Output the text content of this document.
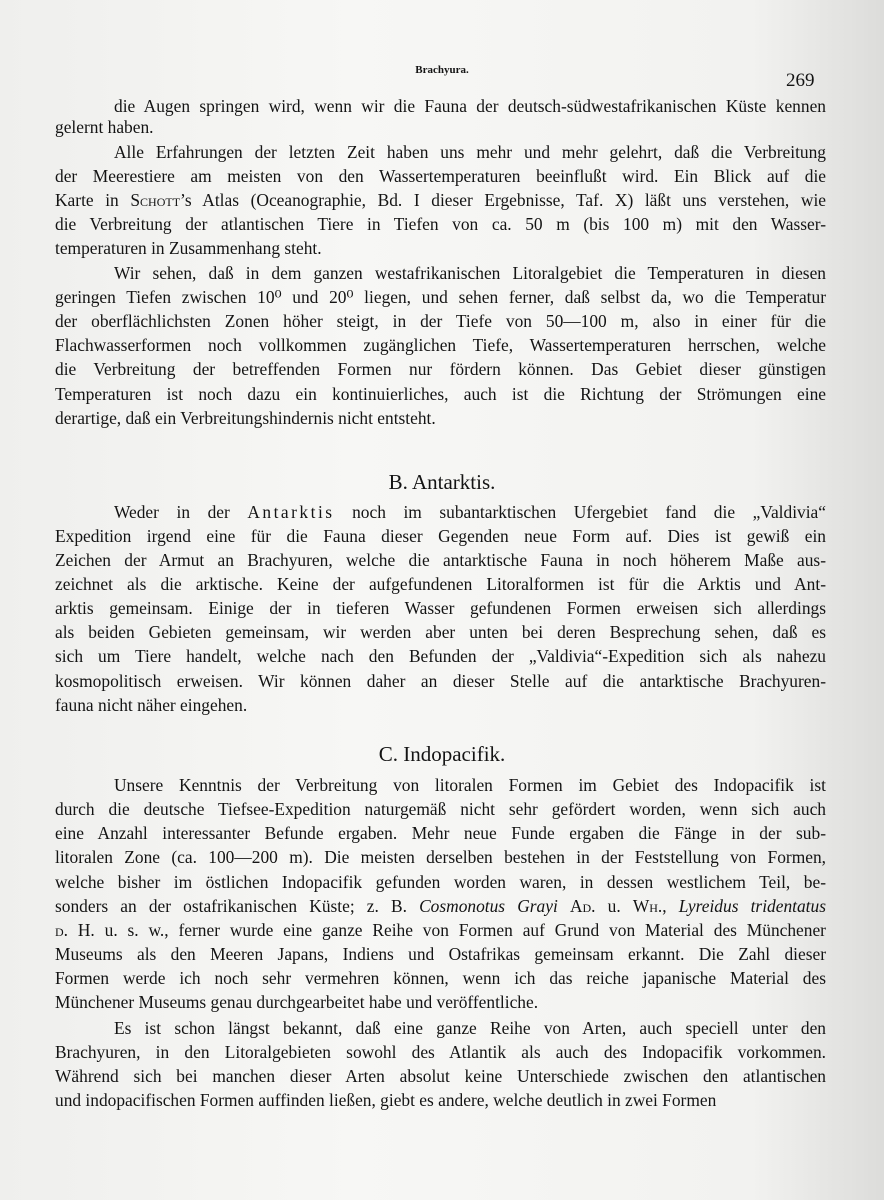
Brachyura.	269
die Augen springen wird, wenn wir die Fauna der deutsch-südwestafrikanischen Küste kennen
gelernt haben.
Alle Erfahrungen der letzten Zeit haben uns mehr und mehr gelehrt, daß die Verbreitung
der Meerestiere am meisten von den Wassertemperaturen beeinflußt wird. Ein Blick auf die
Karte in Schott’s Atlas (Oceanographie, Bd. I dieser Ergebnisse, Taf. X) läßt uns verstehen, wie
die Verbreitung der atlantischen Tiere in Tiefen von ca. 50 m (bis 100 m) mit den Wasser-
temperaturen in Zusammenhang steht.
Wir sehen, daß in dem ganzen westafrikanischen Litoralgebiet die Temperaturen in diesen
geringen Tiefen zwischen 10⁰ und 20⁰ liegen, und sehen ferner, daß selbst da, wo die Temperatur
der oberflächlichsten Zonen höher steigt, in der Tiefe von 50—100 m, also in einer für die
Flachwasserformen noch vollkommen zugänglichen Tiefe, Wassertemperaturen herrschen, welche
die Verbreitung der betreffenden Formen nur fördern können. Das Gebiet dieser günstigen
Temperaturen ist noch dazu ein kontinuierliches, auch ist die Richtung der Strömungen eine
derartige, daß ein Verbreitungshindernis nicht entsteht.
B. Antarktis.
Weder in der Antarktis noch im subantarktischen Ufergebiet fand die „Valdivia“
Expedition irgend eine für die Fauna dieser Gegenden neue Form auf. Dies ist gewiß ein
Zeichen der Armut an Brachyuren, welche die antarktische Fauna in noch höherem Maße aus-
zeichnet als die arktische. Keine der aufgefundenen Litoralformen ist für die Arktis und Ant-
arktis gemeinsam. Einige der in tieferen Wasser gefundenen Formen erweisen sich allerdings
als beiden Gebieten gemeinsam, wir werden aber unten bei deren Besprechung sehen, daß es
sich um Tiere handelt, welche nach den Befunden der „Valdivia“-Expedition sich als nahezu
kosmopolitisch erweisen. Wir können daher an dieser Stelle auf die antarktische Brachyuren-
fauna nicht näher eingehen.
C. Indopacifik.
Unsere Kenntnis der Verbreitung von litoralen Formen im Gebiet des Indopacifik ist
durch die deutsche Tiefsee-Expedition naturgemäß nicht sehr gefördert worden, wenn sich auch
eine Anzahl interessanter Befunde ergaben. Mehr neue Funde ergaben die Fänge in der sub-
litoralen Zone (ca. 100—200 m). Die meisten derselben bestehen in der Feststellung von Formen,
welche bisher im östlichen Indopacifik gefunden worden waren, in dessen westlichem Teil, be-
sonders an der ostafrikanischen Küste; z. B. Cosmonotus Grayi Ad. u. Wh., Lyreidus tridentatus
d. H. u. s. w., ferner wurde eine ganze Reihe von Formen auf Grund von Material des Münchener
Museums als den Meeren Japans, Indiens und Ostafrikas gemeinsam erkannt. Die Zahl dieser
Formen werde ich noch sehr vermehren können, wenn ich das reiche japanische Material des
Münchener Museums genau durchgearbeitet habe und veröffentliche.
Es ist schon längst bekannt, daß eine ganze Reihe von Arten, auch speciell unter den
Brachyuren, in den Litoralgebieten sowohl des Atlantik als auch des Indopacifik vorkommen.
Während sich bei manchen dieser Arten absolut keine Unterschiede zwischen den atlantischen
und indopacifischen Formen auffinden ließen, giebt es andere, welche deutlich in zwei Formen
